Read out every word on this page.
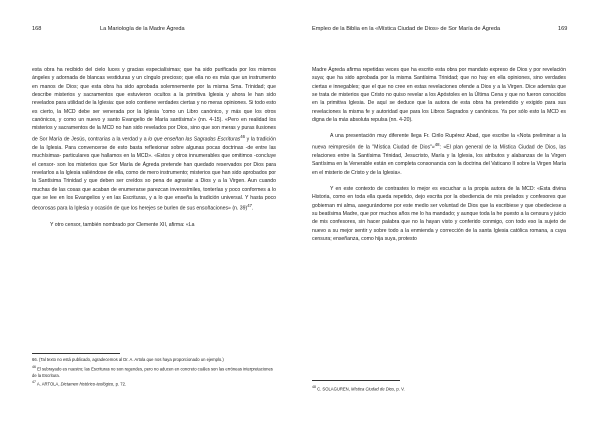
168	La Mariología de la Madre Ágreda

esta obra ha recibido del cielo luces y gracias especialísimas; que ha sido purificada por los mismos ángeles y adornada de blancas vestiduras y un cíngulo precioso; que ella no es más que un instrumento en manos de Dios; que esta obra ha sido aprobada solemnemente por la misma Sma. Trinidad; que describe misterios y sacramentos que estuvieron ocultos a la primitiva Iglesia y ahora le han sido revelados para utilidad de la Iglesia: que solo contiene verdades ciertas y no meras opiniones. Si todo esto es cierto, la MCD debe ser venerada por la Iglesia 'como un Libro canónico, y más que los otros canónicos, y como un nuevo y santo Evangelio de María santísima'» (nn. 4-15). «Pero en realidad los misterios y sacramentos de la MCD no han sido revelados por Dios, sino que son meras y puras ilusiones de Sor María de Jesús, contrarias a la verdad y a lo que enseñan las Sagradas Escrituras$^{46}$ y la tradición de la Iglesia. Para convencerse de esto basta reflexionar sobre algunas pocas doctrinas -de entre las muchísimas- particulares que hallamos en la MCD». «Estos y otros innumerables que omitimos -concluye el censor- son los misterios que Sor María de Ágreda pretende han quedado reservados por Dios para revelarlos a la Iglesia valiéndose de ella, como de mero instrumento; misterios que han sido aprobados por la Santísima Trinidad y que deben ser creídos so pena de agraviar a Dios y a la Virgen. Aun cuando muchas de las cosas que acaban de enumerarse parezcan inverosímiles, tonterías y poco conformes a lo que se lee en los Evangelios y en las Escrituras, y a lo que enseña la tradición universal. Y hasta poco decorosas para la Iglesia y ocasión de que los herejes se burlen de sus ensoñaciones» (n. 39)$^{47}$.

Y otro censor, también nombrado por Clemente XII, afirma: «La

66. (Tal texto no está publicado, agradecemos al Dr. A. Artola que nos haya proporcionado un ejemplo.)

$^{46}$ El subrayado es nuestro; las Escrituras no son regendes, pero no aducen en concreto cuáles son las erróneas interpretaciones de la Escritura.

$^{47}$ A. ARTOLA, Dictamen histórico-teológico, p. 72.

Empleo de la Biblia en la «Mística Ciudad de Dios» de Sor María de Ágreda	169

Madre Ágreda afirma repetidas veces que ha escrito esta obra por mandato expreso de Dios y por revelación suya; que ha sido aprobada por la misma Santísima Trinidad; que no hay en ella opiniones, sino verdades ciertas e innegables; que el que no cree en estas revelaciones ofende a Dios y a la Virgen. Dice además que se trata de misterios que Cristo no quiso revelar a los Apóstoles en la Última Cena y que no fueron conocidos en la primitiva Iglesia. De aquí se deduce que la autora de esta obra ha pretendido y exigido para sus revelaciones la misma fe y autoridad que para los Libros Sagrados y canónicos. Ya por sólo esto la MCD es digna de la más absoluta repulsa (nn. 4-20).

A una presentación muy diferente llega Fr. Cirilo Rupérez Abad, que escribe la «Nota preliminar a la nueva reimpresión de la "Mística Ciudad de Dios"»$^{48}$: «El plan general de la Mística Ciudad de Dios, las relaciones entre la Santísima Trinidad, Jesucristo, María y la Iglesia, los atributos y alabanzas de la Virgen Santísima en la Venerable están en completa consonancia con la doctrina del Vaticano II sobre la Virgen María en el misterio de Cristo y de la Iglesia».

Y en este contexto de contrastes lo mejor es escuchar a la propia autora de la MCD: «Esta divina Historia, como en toda ella queda repetido, dejo escrita por la obediencia de mis prelados y confesores que gobiernan mi alma, asegurándome por este medio ser voluntad de Dios que la escribiese y que obedeciese a su beatísima Madre, que por muchos años me lo ha mandado; y aunque toda la he puesto a la censura y juicio de mis confesores, sin hacer palabra que no la hayan visto y conferido conmigo, con todo eso la sujeto de nuevo a su mejor sentir y sobre todo a la enmienda y corrección de la santa Iglesia católica romana, a cuya censura; enseñanza, como hija suya, protesto

$^{48}$ C. SOLAGUREN, Mística Ciudad de Dios, p. V.
